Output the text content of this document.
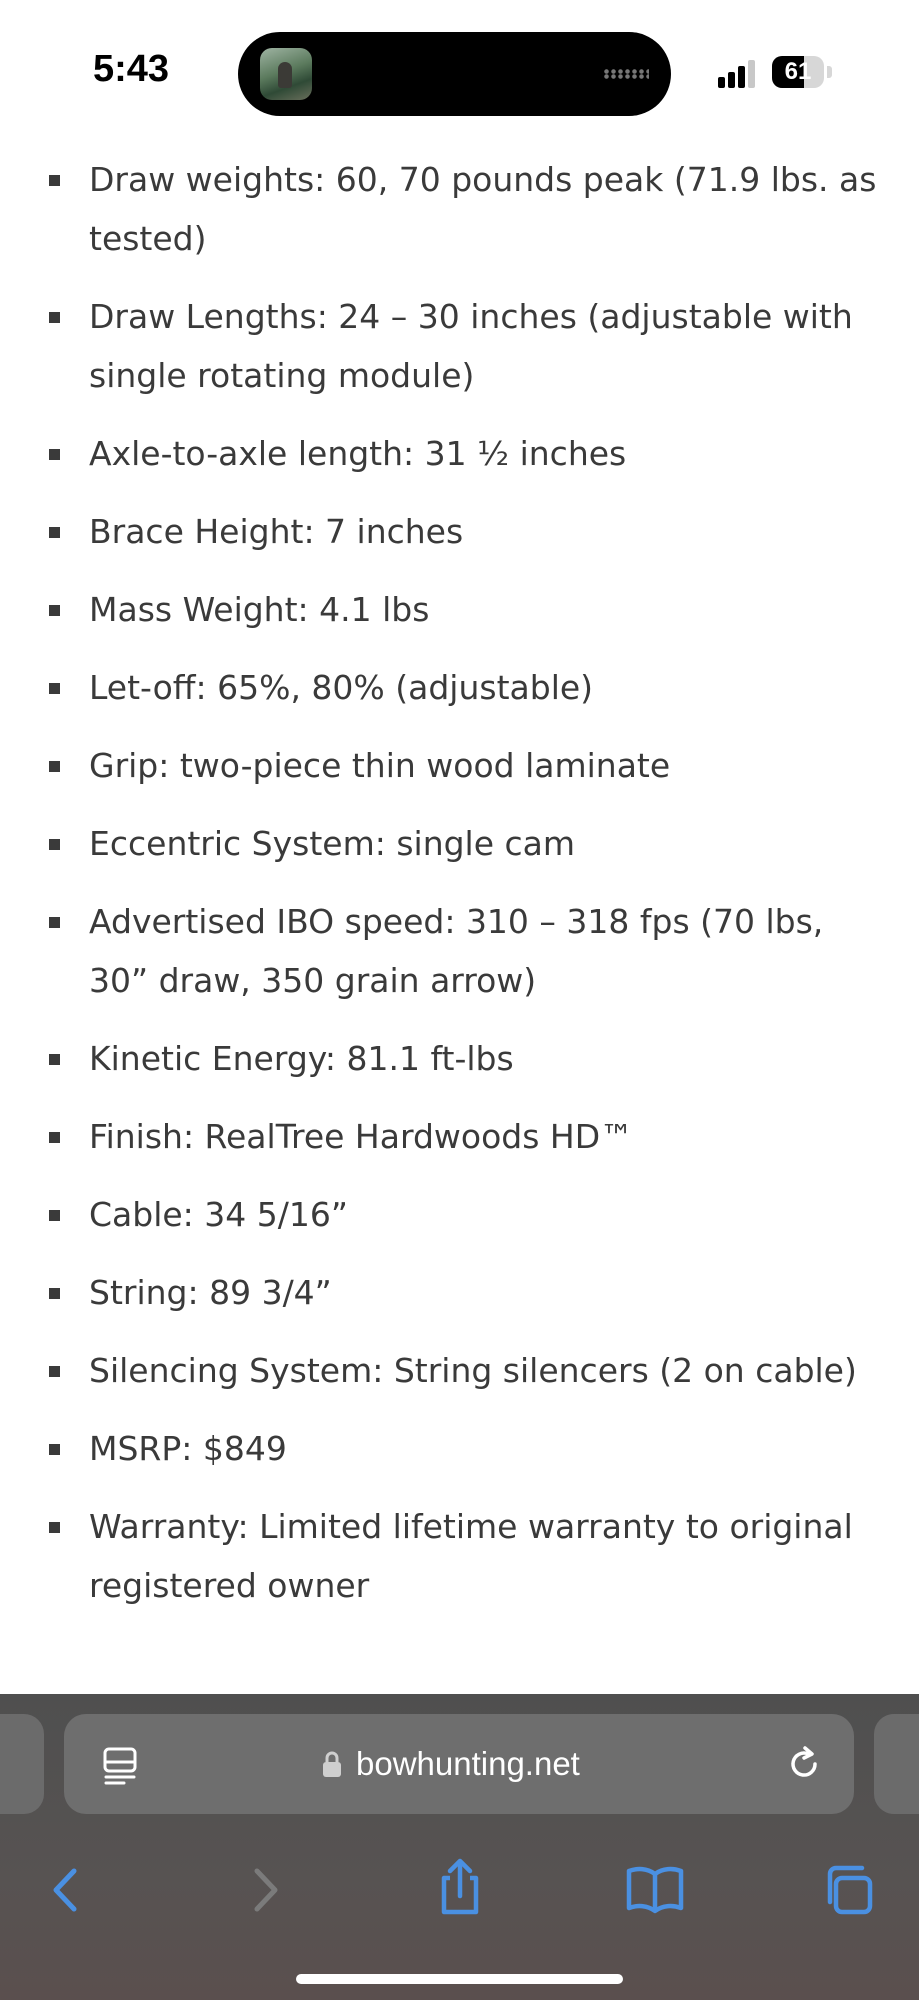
5:43	61
Draw weights: 60, 70 pounds peak (71.9 lbs. as tested)
Draw Lengths: 24 – 30 inches (adjustable with single rotating module)
Axle-to-axle length: 31 ½ inches
Brace Height: 7 inches
Mass Weight: 4.1 lbs
Let-off: 65%, 80% (adjustable)
Grip: two-piece thin wood laminate
Eccentric System: single cam
Advertised IBO speed: 310 – 318 fps (70 lbs, 30” draw, 350 grain arrow)
Kinetic Energy: 81.1 ft-lbs
Finish: RealTree Hardwoods HD™
Cable: 34 5/16”
String: 89 3/4”
Silencing System: String silencers (2 on cable)
MSRP: $849
Warranty: Limited lifetime warranty to original registered owner
bowhunting.net
